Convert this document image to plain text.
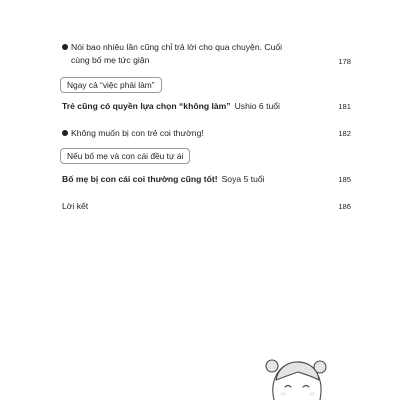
Nói bao nhiêu lần cũng chỉ trả lời cho qua chuyện. Cuối
cùng bố mẹ tức giận	178
Ngay cả “việc phải làm”
Trẻ cũng có quyền lựa chọn “không làm” Ushio 6 tuổi	181
Không muốn bị con trẻ coi thường!	182
Nếu bố mẹ và con cái đều tự ái
Bố mẹ bị con cái coi thường cũng tốt! Soya 5 tuổi	185
Lời kết	186
